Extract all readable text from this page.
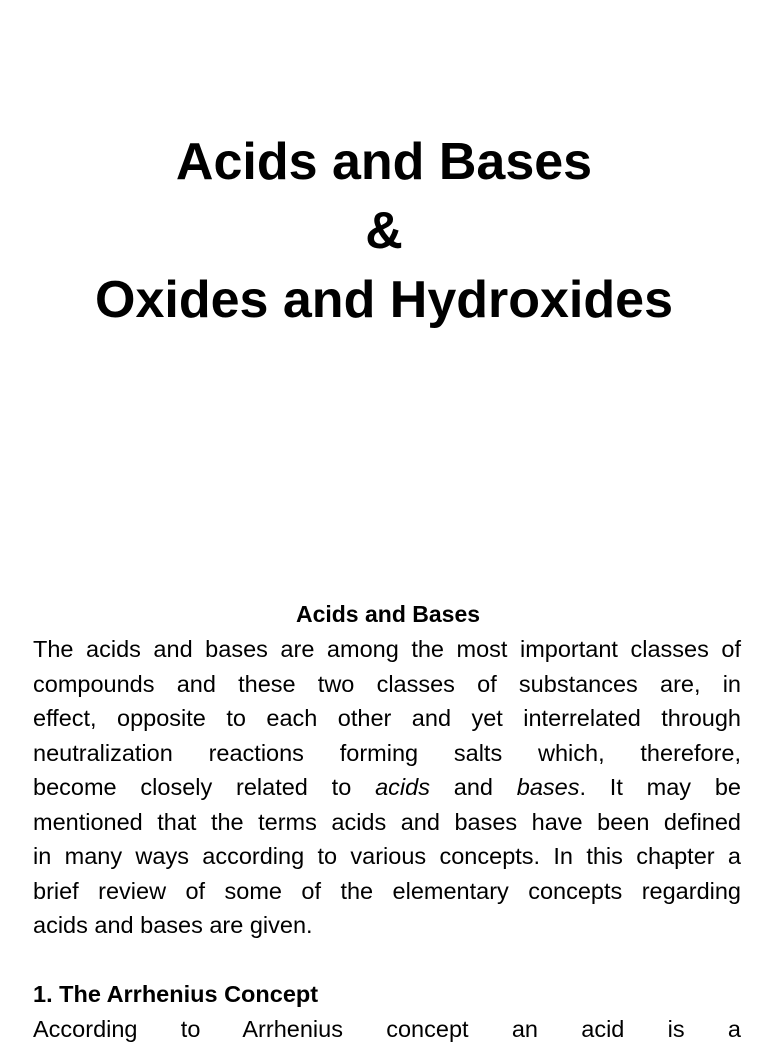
Acids and Bases
&
Oxides and Hydroxides
Acids and Bases
The acids and bases are among the most important classes of
compounds and these two classes of substances are, in
effect, opposite to each other and yet interrelated through
neutralization reactions forming salts which, therefore,
become closely related to acids and bases. It may be
mentioned that the terms acids and bases have been defined
in many ways according to various concepts. In this chapter a
brief review of some of the elementary concepts regarding
acids and bases are given.
1. The Arrhenius Concept

According to Arrhenius concept an acid is a
